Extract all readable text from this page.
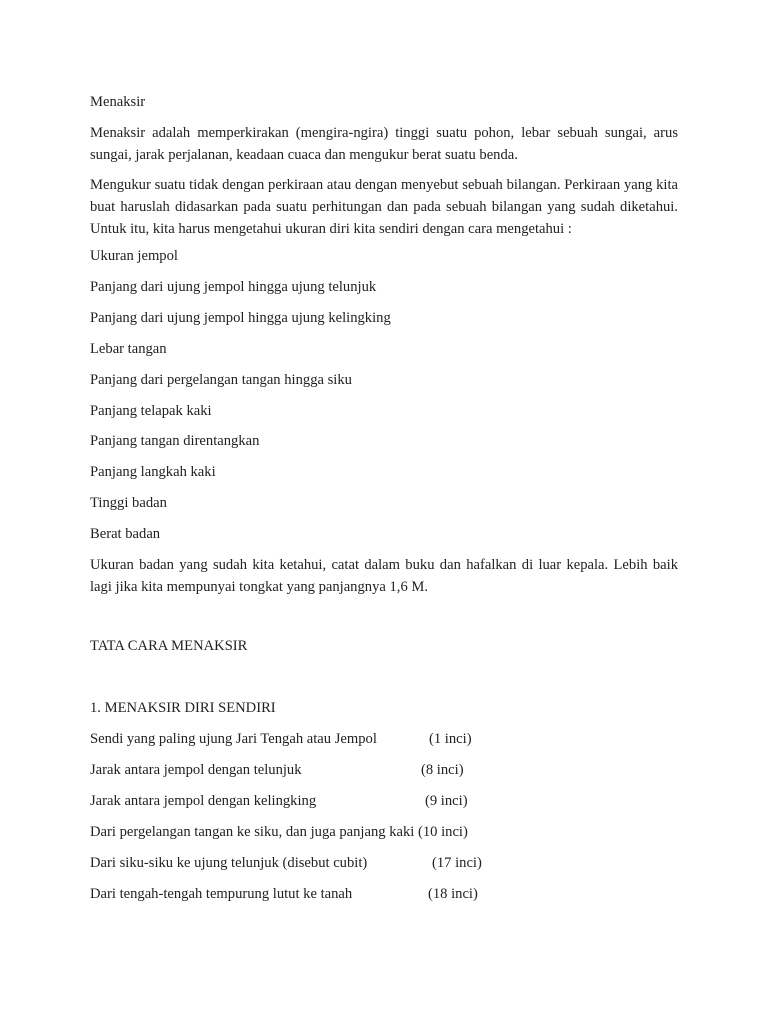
Menaksir
Menaksir adalah memperkirakan (mengira-ngira) tinggi suatu pohon, lebar sebuah sungai, arus sungai, jarak perjalanan, keadaan cuaca dan mengukur berat suatu benda.
Mengukur suatu tidak dengan perkiraan atau dengan menyebut sebuah bilangan. Perkiraan yang kita buat haruslah didasarkan pada suatu perhitungan dan pada sebuah bilangan yang sudah diketahui. Untuk itu, kita harus mengetahui ukuran diri kita sendiri dengan cara mengetahui :
Ukuran jempol
Panjang dari ujung jempol hingga ujung telunjuk
Panjang dari ujung jempol hingga ujung kelingking
Lebar tangan
Panjang dari pergelangan tangan hingga siku
Panjang telapak kaki
Panjang tangan direntangkan
Panjang langkah kaki
Tinggi badan
Berat badan
Ukuran badan yang sudah kita ketahui, catat dalam buku dan hafalkan di luar kepala. Lebih baik lagi jika kita mempunyai tongkat yang panjangnya 1,6 M.
TATA CARA MENAKSIR
1. MENAKSIR DIRI SENDIRI
Sendi yang paling ujung Jari Tengah atau Jempol	(1 inci)
Jarak antara jempol dengan telunjuk	(8 inci)
Jarak antara jempol dengan kelingking	(9 inci)
Dari pergelangan tangan ke siku, dan juga panjang kaki (10 inci)
Dari siku-siku ke ujung telunjuk (disebut cubit)	(17 inci)
Dari tengah-tengah tempurung lutut ke tanah	(18 inci)
